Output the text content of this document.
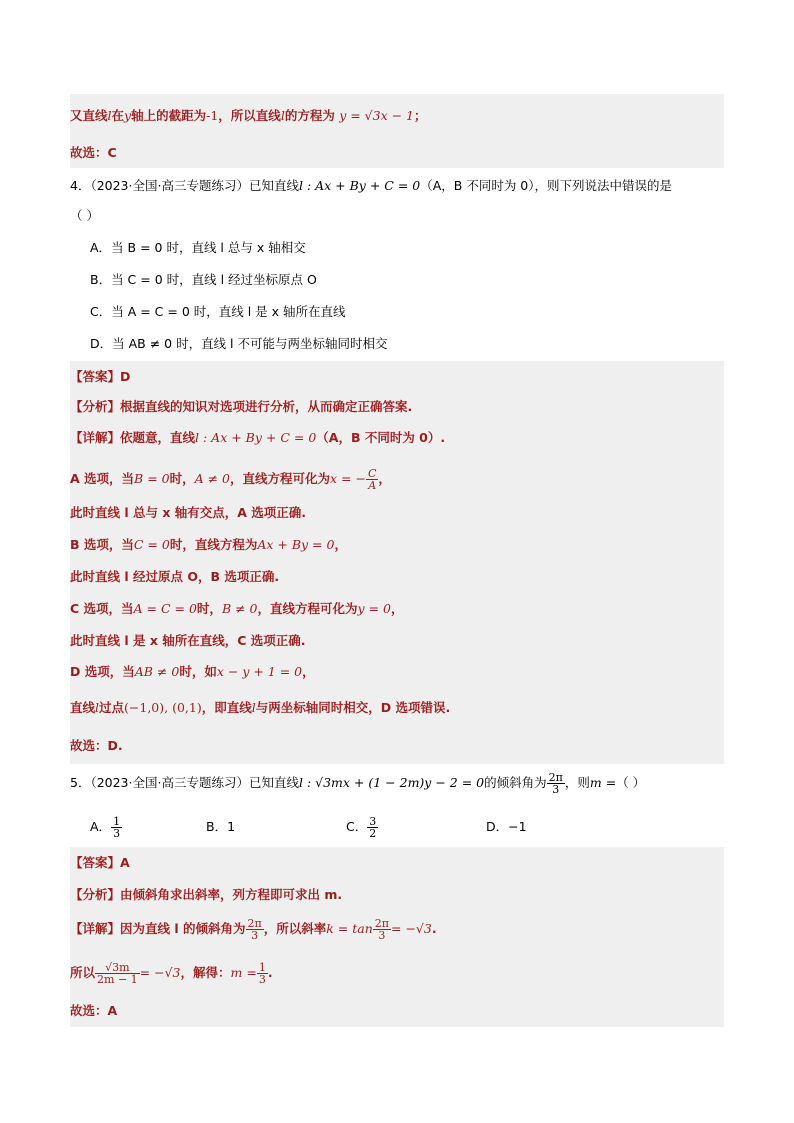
又直线l在y轴上的截距为-1，所以直线l的方程为 y = √3x − 1；
故选：C
4．（2023·全国·高三专题练习）已知直线l : Ax + By + C = 0（A，B 不同时为 0），则下列说法中错误的是
（ ）
A．当 B = 0 时，直线 l 总与 x 轴相交
B．当 C = 0 时，直线 l 经过坐标原点 O
C．当 A = C = 0 时，直线 l 是 x 轴所在直线
D．当 AB ≠ 0 时，直线 l 不可能与两坐标轴同时相交
【答案】D
【分析】根据直线的知识对选项进行分析，从而确定正确答案.
【详解】依题意，直线l : Ax + By + C = 0（A，B 不同时为 0）.
A 选项，当B = 0时，A ≠ 0，直线方程可化为x = − $\frac{C}{A}$ ，
此时直线 l 总与 x 轴有交点，A 选项正确.
B 选项，当C = 0时，直线方程为Ax + By = 0，
此时直线 l 经过原点 O，B 选项正确.
C 选项，当A = C = 0时，B ≠ 0，直线方程可化为y = 0，
此时直线 l 是 x 轴所在直线，C 选项正确.
D 选项，当AB ≠ 0时，如x − y + 1 = 0，
直线l过点(−1,0), (0,1)，即直线l与两坐标轴同时相交，D 选项错误.
故选：D.
5．（2023·全国·高三专题练习）已知直线l : √3mx + (1 − 2m)y − 2 = 0的倾斜角为 $\frac{2\pi}{3}$ ，则m =（ ）
A． $\frac{1}{3}$	B．1	C． $\frac{3}{2}$	D．−1
【答案】A
【分析】由倾斜角求出斜率，列方程即可求出 m.
【详解】因为直线 l 的倾斜角为 $\frac{2\pi}{3}$ ，所以斜率$k = \tan \frac{2\pi}{3} = -√3$.
所以 $\frac{√3m}{2m - 1} = -√3$，解得：$m = \frac{1}{3}$ .
故选：A
